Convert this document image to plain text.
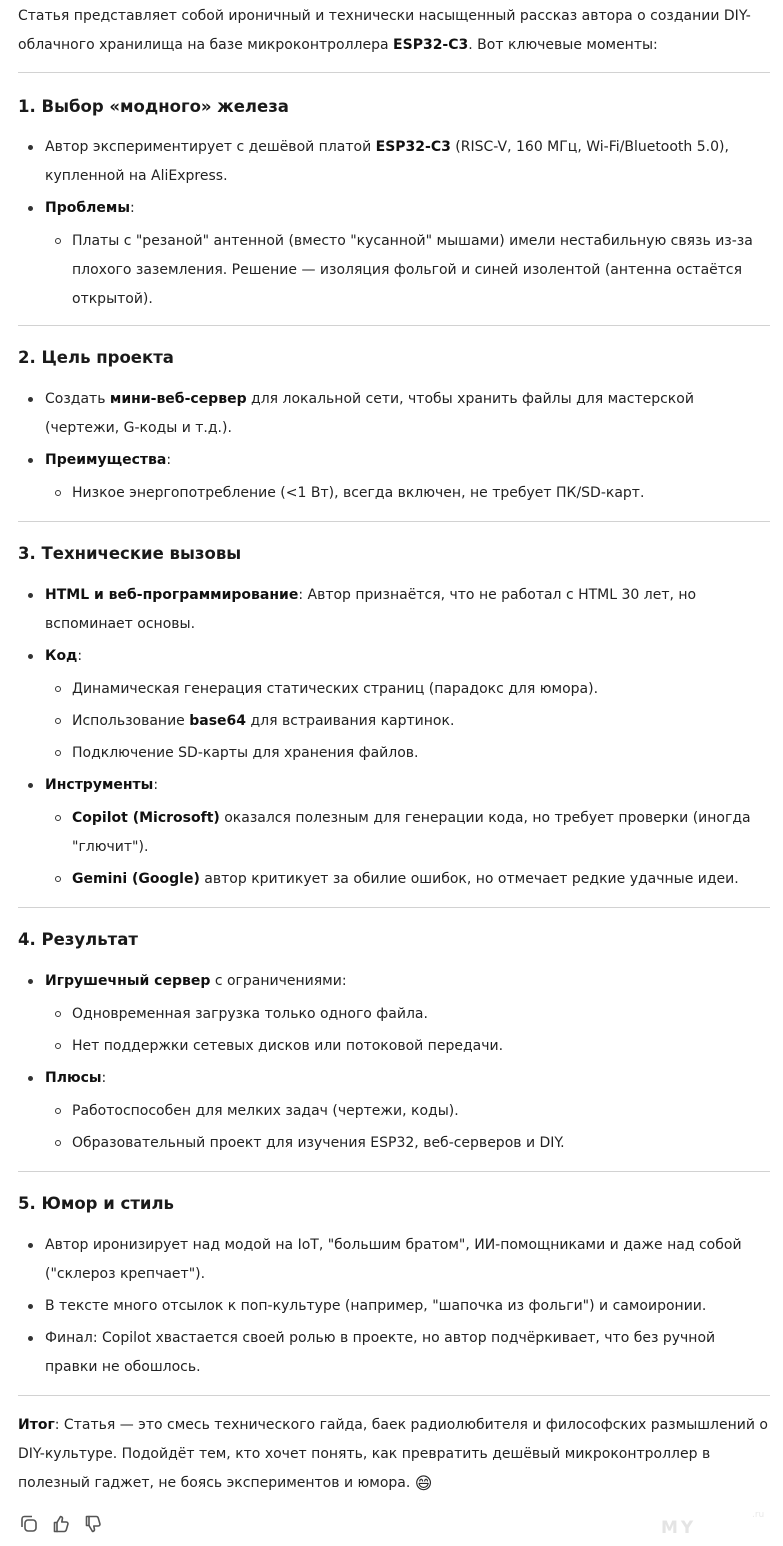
Статья представляет собой ироничный и технически насыщенный рассказ автора о создании DIY-облачного хранилища на базе микроконтроллера ESP32-C3. Вот ключевые моменты:

1. Выбор «модного» железа

Автор экспериментирует с дешёвой платой ESP32-C3 (RISC-V, 160 МГц, Wi-Fi/Bluetooth 5.0), купленной на AliExpress.

Проблемы:

Платы с "резаной" антенной (вместо "кусанной" мышами) имели нестабильную связь из-за плохого заземления. Решение — изоляция фольгой и синей изолентой (антенна остаётся открытой).

2. Цель проекта

Создать мини-веб-сервер для локальной сети, чтобы хранить файлы для мастерской (чертежи, G-коды и т.д.).

Преимущества:

Низкое энергопотребление (<1 Вт), всегда включен, не требует ПК/SD-карт.

3. Технические вызовы

HTML и веб-программирование: Автор признаётся, что не работал с HTML 30 лет, но вспоминает основы.

Код:

Динамическая генерация статических страниц (парадокс для юмора).

Использование base64 для встраивания картинок.

Подключение SD-карты для хранения файлов.

Инструменты:

Copilot (Microsoft) оказался полезным для генерации кода, но требует проверки (иногда "глючит").

Gemini (Google) автор критикует за обилие ошибок, но отмечает редкие удачные идеи.

4. Результат

Игрушечный сервер с ограничениями:

Одновременная загрузка только одного файла.

Нет поддержки сетевых дисков или потоковой передачи.

Плюсы:

Работоспособен для мелких задач (чертежи, коды).

Образовательный проект для изучения ESP32, веб-серверов и DIY.

5. Юмор и стиль

Автор иронизирует над модой на IoT, "большим братом", ИИ-помощниками и даже над собой ("склероз крепчает").

В тексте много отсылок к поп-культуре (например, "шапочка из фольги") и самоиронии.

Финал: Copilot хвастается своей ролью в проекте, но автор подчёркивает, что без ручной правки не обошлось.

Итог: Статья — это смесь технического гайда, баек радиолюбителя и философских размышлений о DIY-культуре. Подойдёт тем, кто хочет понять, как превратить дешёвый микроконтроллер в полезный гаджет, не боясь экспериментов и юмора. 😄

MY
.ru
